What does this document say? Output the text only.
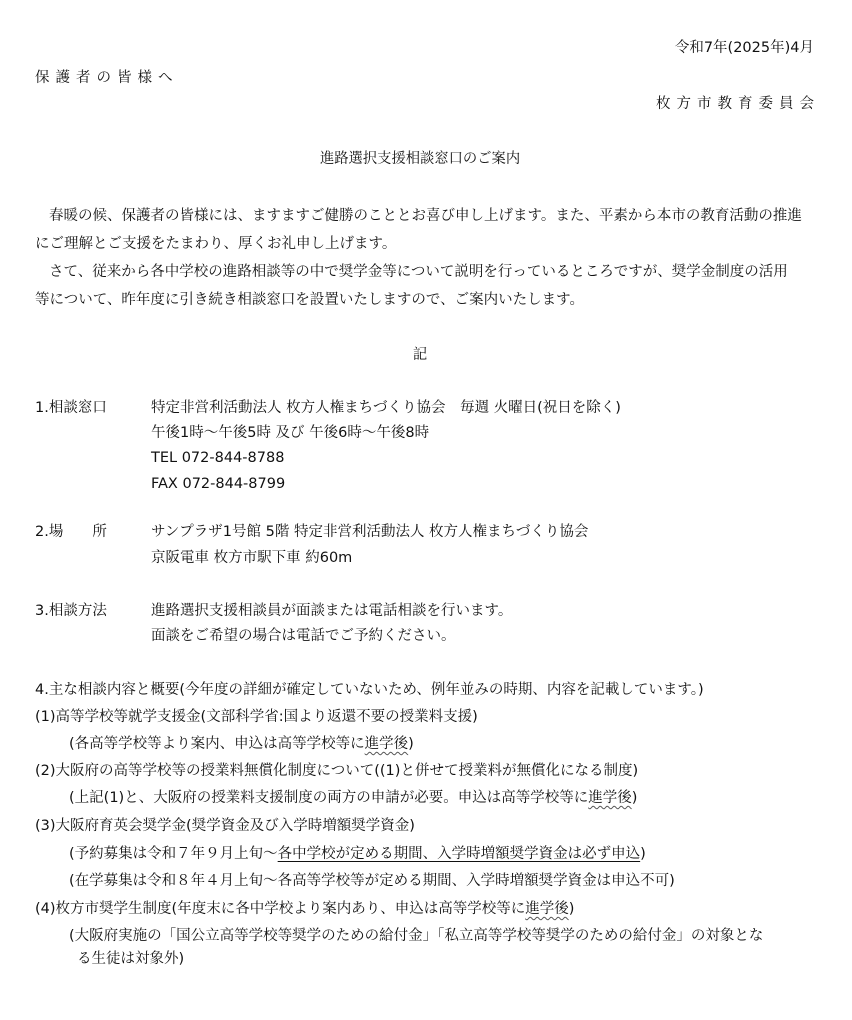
令和7年(2025年)4月
保護者の皆様へ
枚方市教育委員会
進路選択支援相談窓口のご案内
春暖の候、保護者の皆様には、ますますご健勝のこととお喜び申し上げます。また、平素から本市の教育活動の推進
にご理解とご支援をたまわり、厚くお礼申し上げます。
さて、従来から各中学校の進路相談等の中で奨学金等について説明を行っているところですが、奨学金制度の活用
等について、昨年度に引き続き相談窓口を設置いたしますので、ご案内いたします。
記
1.相談窓口	特定非営利活動法人 枚方人権まちづくり協会　毎週 火曜日(祝日を除く)
午後1時～午後5時 及び 午後6時～午後8時
TEL 072-844-8788
FAX 072-844-8799
2.場　　所	サンプラザ1号館 5階 特定非営利活動法人 枚方人権まちづくり協会
京阪電車 枚方市駅下車 約60m
3.相談方法	進路選択支援相談員が面談または電話相談を行います。
面談をご希望の場合は電話でご予約ください。
4.主な相談内容と概要(今年度の詳細が確定していないため、例年並みの時期、内容を記載しています。)
(1)高等学校等就学支援金(文部科学省:国より返還不要の授業料支援)
(各高等学校等より案内、申込は高等学校等に進学後)
(2)大阪府の高等学校等の授業料無償化制度について((1)と併せて授業料が無償化になる制度)
(上記(1)と、大阪府の授業料支援制度の両方の申請が必要。申込は高等学校等に進学後)
(3)大阪府育英会奨学金(奨学資金及び入学時増額奨学資金)
(予約募集は令和７年９月上旬～各中学校が定める期間、入学時増額奨学資金は必ず申込)
(在学募集は令和８年４月上旬～各高等学校等が定める期間、入学時増額奨学資金は申込不可)
(4)枚方市奨学生制度(年度末に各中学校より案内あり、申込は高等学校等に進学後)
(大阪府実施の「国公立高等学校等奨学のための給付金」「私立高等学校等奨学のための給付金」の対象とな
る生徒は対象外)
